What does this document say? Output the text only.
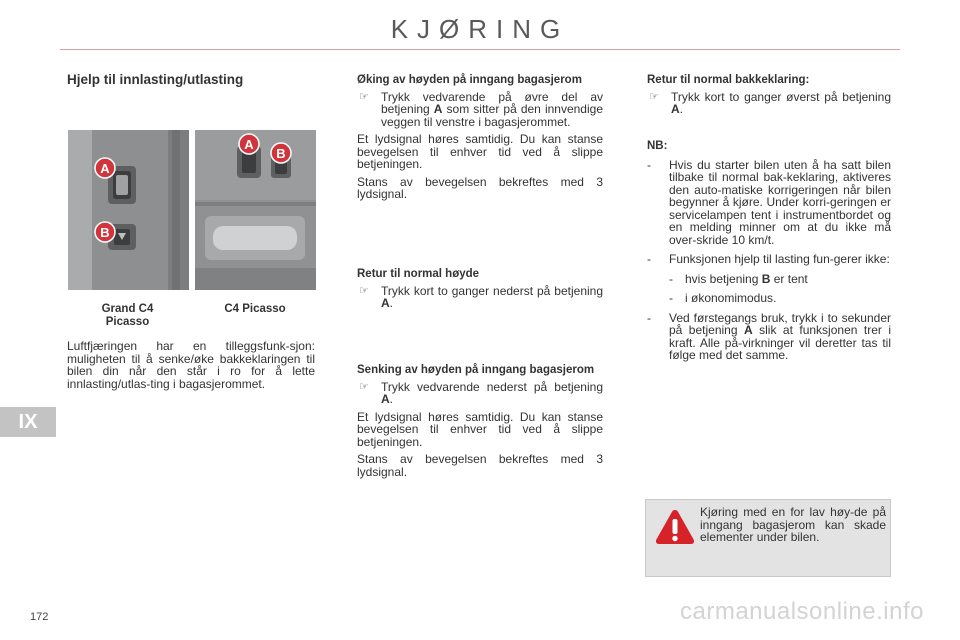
KJØRING
IX
Hjelp til innlasting/utlasting
A
B
A
B
Grand C4
Picasso
C4 Picasso
Luftfjæringen har en tilleggsfunk-sjon: muligheten til å senke/øke bakkeklaringen til bilen din når den står i ro for å lette innlasting/utlas-ting i bagasjerommet.
Øking av høyden på inngang bagasjerom
☞ Trykk vedvarende på øvre del av betjening A som sitter på den innvendige veggen til venstre i bagasjerommet.
Et lydsignal høres samtidig. Du kan stanse bevegelsen til enhver tid ved å slippe betjeningen.
Stans av bevegelsen bekreftes med 3 lydsignal.
Retur til normal høyde
☞ Trykk kort to ganger nederst på betjening A.
Senking av høyden på inngang bagasjerom
☞ Trykk vedvarende nederst på betjening A.
Et lydsignal høres samtidig. Du kan stanse bevegelsen til enhver tid ved å slippe betjeningen.
Stans av bevegelsen bekreftes med 3 lydsignal.
Retur til normal bakkeklaring:
☞ Trykk kort to ganger øverst på betjening A.
NB:
- Hvis du starter bilen uten å ha satt bilen tilbake til normal bak-keklaring, aktiveres den auto-matiske korrigeringen når bilen begynner å kjøre. Under korri-geringen er servicelampen tent i instrumentbordet og en melding minner om at du ikke må over-skride 10 km/t.
- Funksjonen hjelp til lasting fun-gerer ikke:
- hvis betjening B er tent
- i økonomimodus.
- Ved førstegangs bruk, trykk i to sekunder på betjening A slik at funksjonen trer i kraft. Alle på-virkninger vil deretter tas til følge med det samme.
Kjøring med en for lav høy-de på inngang bagasjerom kan skade elementer under bilen.
172	carmanualsonline.info
